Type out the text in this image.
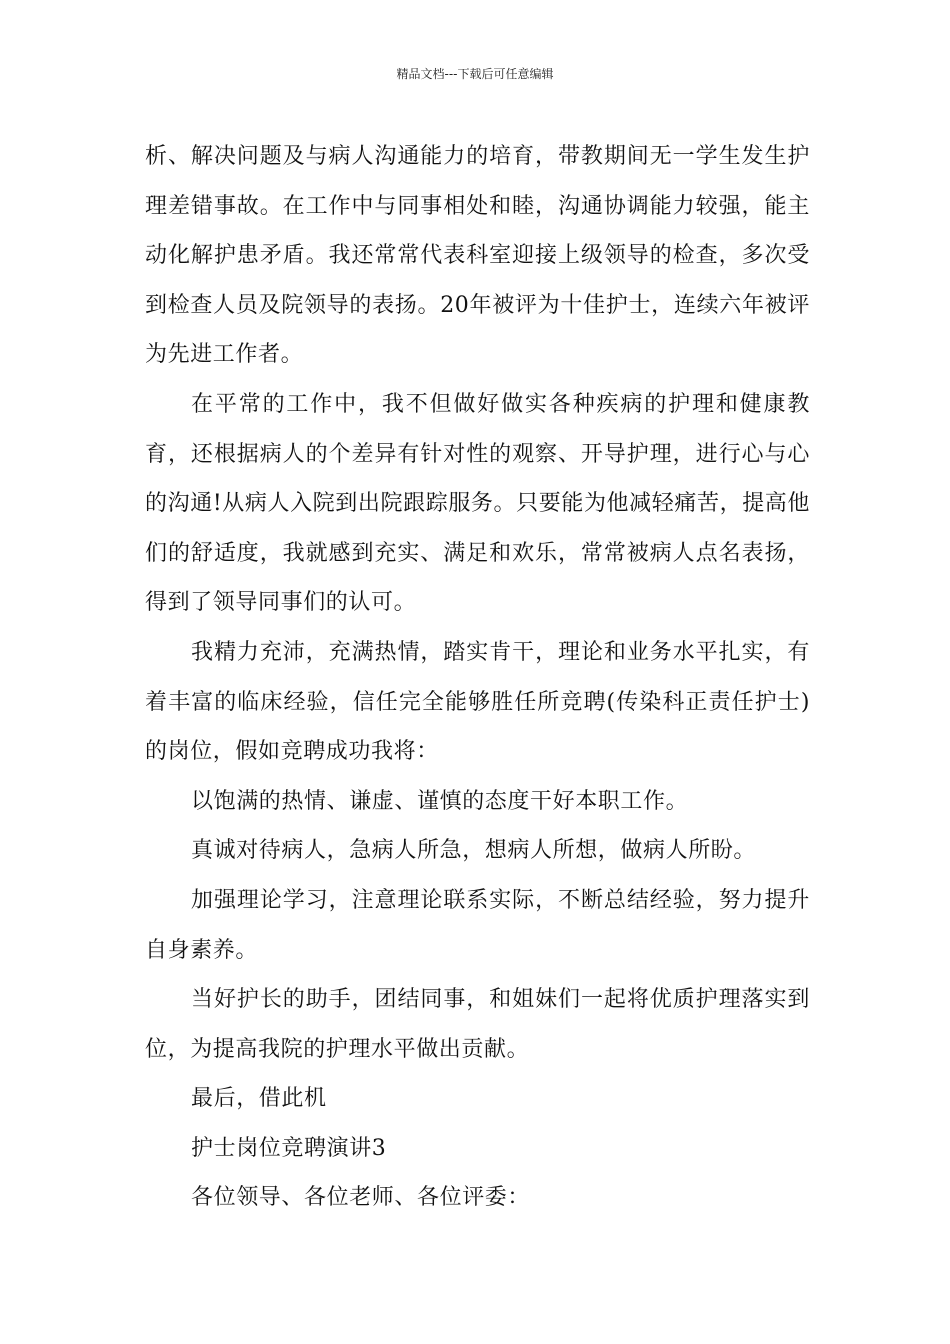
精品文档---下载后可任意编辑

析、解决问题及与病人沟通能力的培育，带教期间无一学生发生护理差错事故。在工作中与同事相处和睦，沟通协调能力较强，能主动化解护患矛盾。我还常常代表科室迎接上级领导的检查，多次受到检查人员及院领导的表扬。20年被评为十佳护士，连续六年被评为先进工作者。

在平常的工作中，我不但做好做实各种疾病的护理和健康教育，还根据病人的个差异有针对性的观察、开导护理，进行心与心的沟通!从病人入院到出院跟踪服务。只要能为他减轻痛苦，提高他们的舒适度，我就感到充实、满足和欢乐，常常被病人点名表扬，得到了领导同事们的认可。

我精力充沛，充满热情，踏实肯干，理论和业务水平扎实，有着丰富的临床经验，信任完全能够胜任所竞聘(传染科正责任护士)的岗位，假如竞聘成功我将：

以饱满的热情、谦虚、谨慎的态度干好本职工作。

真诚对待病人，急病人所急，想病人所想，做病人所盼。

加强理论学习，注意理论联系实际，不断总结经验，努力提升自身素养。

当好护长的助手，团结同事，和姐妹们一起将优质护理落实到位，为提高我院的护理水平做出贡献。

最后，借此机

护士岗位竞聘演讲3

各位领导、各位老师、各位评委：
